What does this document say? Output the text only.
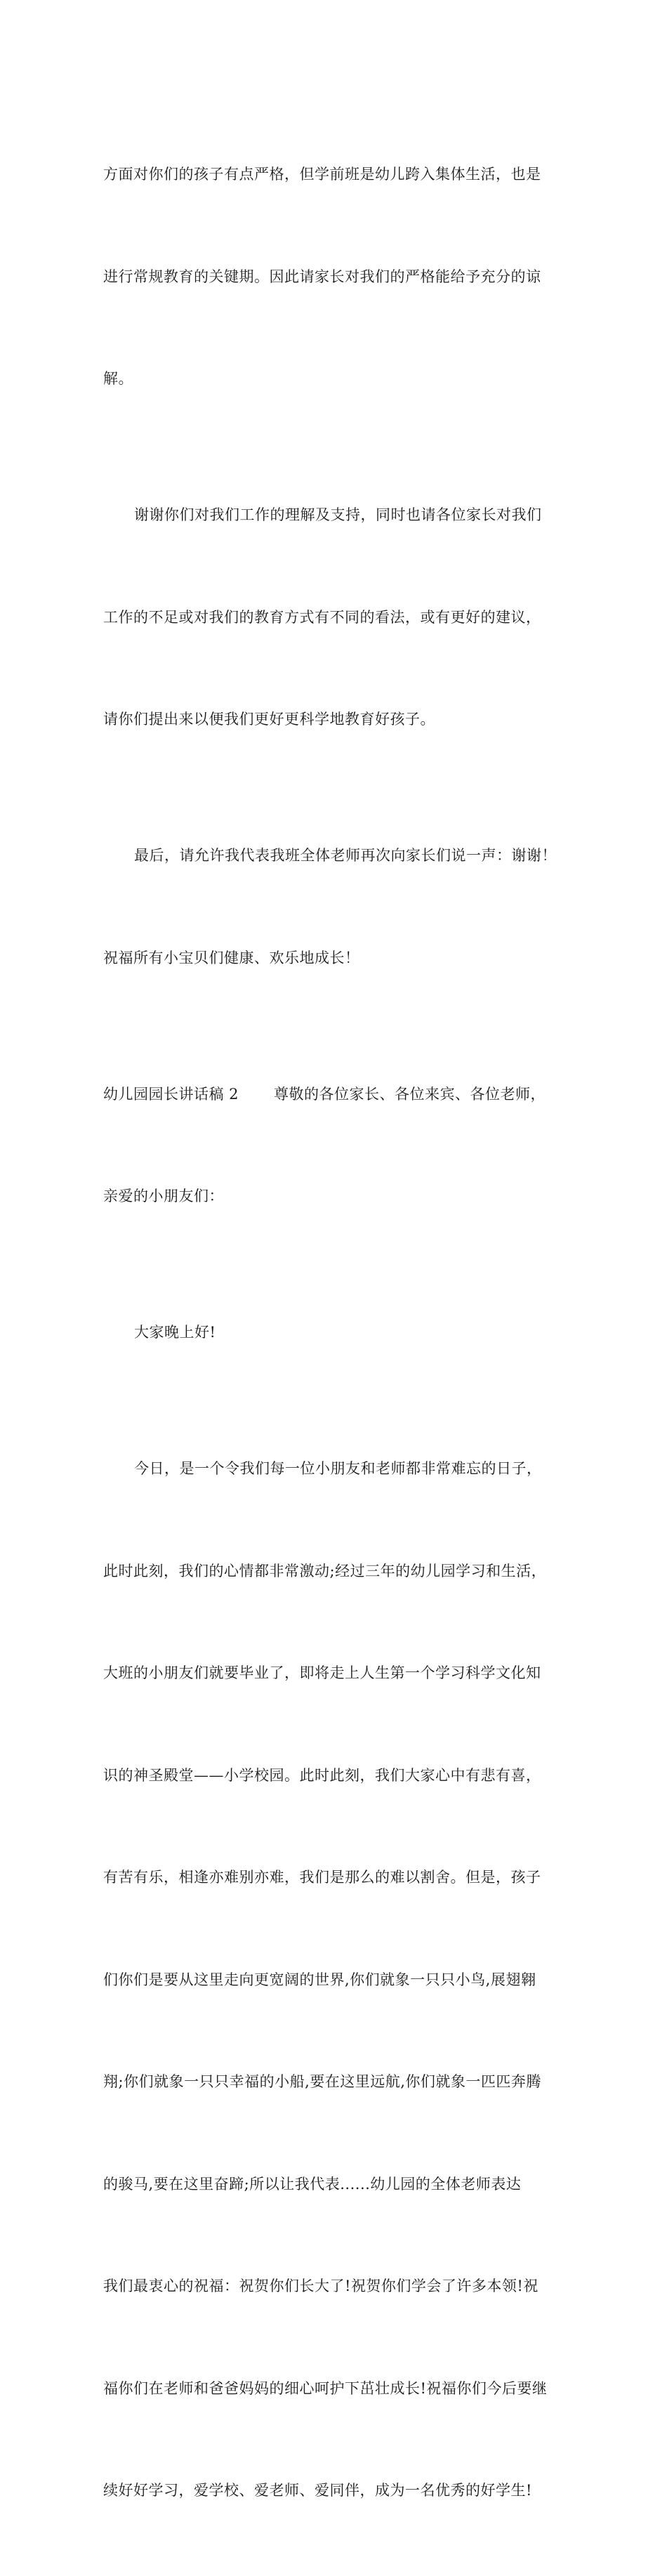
方面对你们的孩子有点严格，但学前班是幼儿跨入集体生活，也是

进行常规教育的关键期。因此请家长对我们的严格能给予充分的谅

解。

谢谢你们对我们工作的理解及支持，同时也请各位家长对我们

工作的不足或对我们的教育方式有不同的看法，或有更好的建议，

请你们提出来以便我们更好更科学地教育好孩子。

最后，请允许我代表我班全体老师再次向家长们说一声：谢谢！

祝福所有小宝贝们健康、欢乐地成长！

幼儿园园长讲话稿 2 尊敬的各位家长、各位来宾、各位老师，

亲爱的小朋友们：

大家晚上好!

今日，是一个令我们每一位小朋友和老师都非常难忘的日子，

此时此刻，我们的心情都非常激动;经过三年的幼儿园学习和生活，

大班的小朋友们就要毕业了，即将走上人生第一个学习科学文化知

识的神圣殿堂——小学校园。此时此刻，我们大家心中有悲有喜，

有苦有乐，相逢亦难别亦难，我们是那么的难以割舍。但是，孩子

们你们是要从这里走向更宽阔的世界,你们就象一只只小鸟,展翅翱

翔;你们就象一只只幸福的小船,要在这里远航,你们就象一匹匹奔腾

的骏马,要在这里奋蹄;所以让我代表......幼儿园的全体老师表达

我们最衷心的祝福：祝贺你们长大了!祝贺你们学会了许多本领!祝

福你们在老师和爸爸妈妈的细心呵护下茁壮成长!祝福你们今后要继

续好好学习，爱学校、爱老师、爱同伴，成为一名优秀的好学生!
